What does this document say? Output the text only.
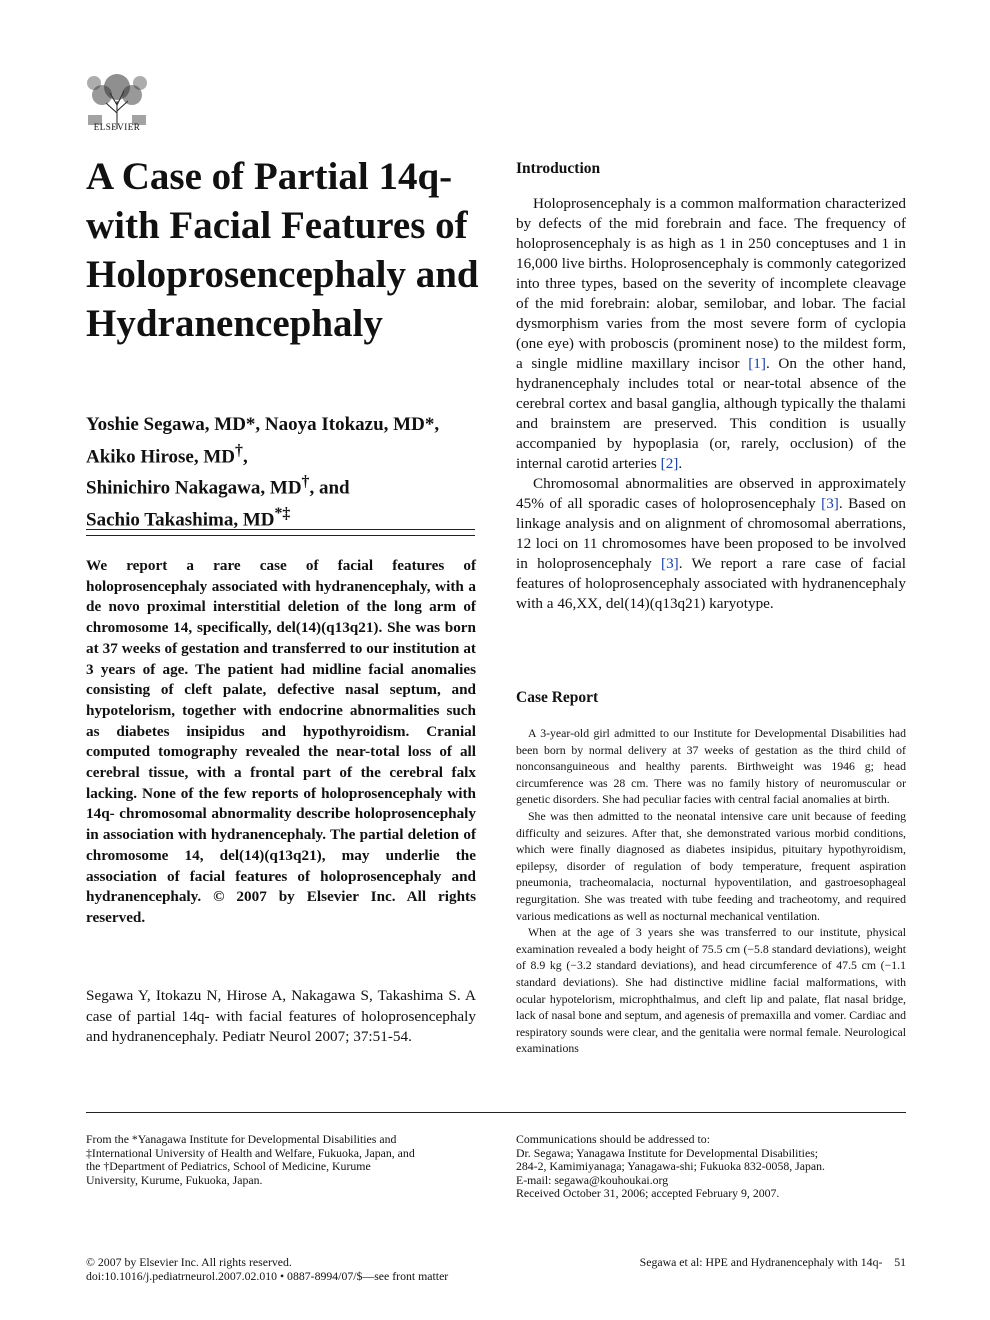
ELSEVIER
A Case of Partial 14q- with Facial Features of Holoprosencephaly and Hydranencephaly
Yoshie Segawa, MD*, Naoya Itokazu, MD*,
Akiko Hirose, MD†,
Shinichiro Nakagawa, MD†, and
Sachio Takashima, MD*‡

We report a rare case of facial features of holoprosencephaly associated with hydranencephaly, with a de novo proximal interstitial deletion of the long arm of chromosome 14, specifically, del(14)(q13q21). She was born at 37 weeks of gestation and transferred to our institution at 3 years of age. The patient had midline facial anomalies consisting of cleft palate, defective nasal septum, and hypotelorism, together with endocrine abnormalities such as diabetes insipidus and hypothyroidism. Cranial computed tomography revealed the near-total loss of all cerebral tissue, with a frontal part of the cerebral falx lacking. None of the few reports of holoprosencephaly with 14q- chromosomal abnormality describe holoprosencephaly in association with hydranencephaly. The partial deletion of chromosome 14, del(14)(q13q21), may underlie the association of facial features of holoprosencephaly and hydranencephaly. © 2007 by Elsevier Inc. All rights reserved.

Segawa Y, Itokazu N, Hirose A, Nakagawa S, Takashima S. A case of partial 14q- with facial features of holoprosencephaly and hydranencephaly. Pediatr Neurol 2007; 37:51-54.

Introduction

Holoprosencephaly is a common malformation characterized by defects of the mid forebrain and face. The frequency of holoprosencephaly is as high as 1 in 250 conceptuses and 1 in 16,000 live births. Holoprosencephaly is commonly categorized into three types, based on the severity of incomplete cleavage of the mid forebrain: alobar, semilobar, and lobar. The facial dysmorphism varies from the most severe form of cyclopia (one eye) with proboscis (prominent nose) to the mildest form, a single midline maxillary incisor [1]. On the other hand, hydranencephaly includes total or near-total absence of the cerebral cortex and basal ganglia, although typically the thalami and brainstem are preserved. This condition is usually accompanied by hypoplasia (or, rarely, occlusion) of the internal carotid arteries [2].

Chromosomal abnormalities are observed in approximately 45% of all sporadic cases of holoprosencephaly [3]. Based on linkage analysis and on alignment of chromosomal aberrations, 12 loci on 11 chromosomes have been proposed to be involved in holoprosencephaly [3]. We report a rare case of facial features of holoprosencephaly associated with hydranencephaly with a 46,XX, del(14)(q13q21) karyotype.

Case Report

A 3-year-old girl admitted to our Institute for Developmental Disabilities had been born by normal delivery at 37 weeks of gestation as the third child of nonconsanguineous and healthy parents. Birthweight was 1946 g; head circumference was 28 cm. There was no family history of neuromuscular or genetic disorders. She had peculiar facies with central facial anomalies at birth.

She was then admitted to the neonatal intensive care unit because of feeding difficulty and seizures. After that, she demonstrated various morbid conditions, which were finally diagnosed as diabetes insipidus, pituitary hypothyroidism, epilepsy, disorder of regulation of body temperature, frequent aspiration pneumonia, tracheomalacia, nocturnal hypoventilation, and gastroesophageal regurgitation. She was treated with tube feeding and tracheotomy, and required various medications as well as nocturnal mechanical ventilation.

When at the age of 3 years she was transferred to our institute, physical examination revealed a body height of 75.5 cm (−5.8 standard deviations), weight of 8.9 kg (−3.2 standard deviations), and head circumference of 47.5 cm (−1.1 standard deviations). She had distinctive midline facial malformations, with ocular hypotelorism, microphthalmus, and cleft lip and palate, flat nasal bridge, lack of nasal bone and septum, and agenesis of premaxilla and vomer. Cardiac and respiratory sounds were clear, and the genitalia were normal female. Neurological examinations

From the *Yanagawa Institute for Developmental Disabilities and
‡International University of Health and Welfare, Fukuoka, Japan, and
the †Department of Pediatrics, School of Medicine, Kurume
University, Kurume, Fukuoka, Japan.
Communications should be addressed to:
Dr. Segawa; Yanagawa Institute for Developmental Disabilities;
284-2, Kamimiyanaga; Yanagawa-shi; Fukuoka 832-0058, Japan.
E-mail: segawa@kouhoukai.org
Received October 31, 2006; accepted February 9, 2007.
© 2007 by Elsevier Inc. All rights reserved.
doi:10.1016/j.pediatrneurol.2007.02.010 • 0887-8994/07/$—see front matter
Segawa et al: HPE and Hydranencephaly with 14q- 51
